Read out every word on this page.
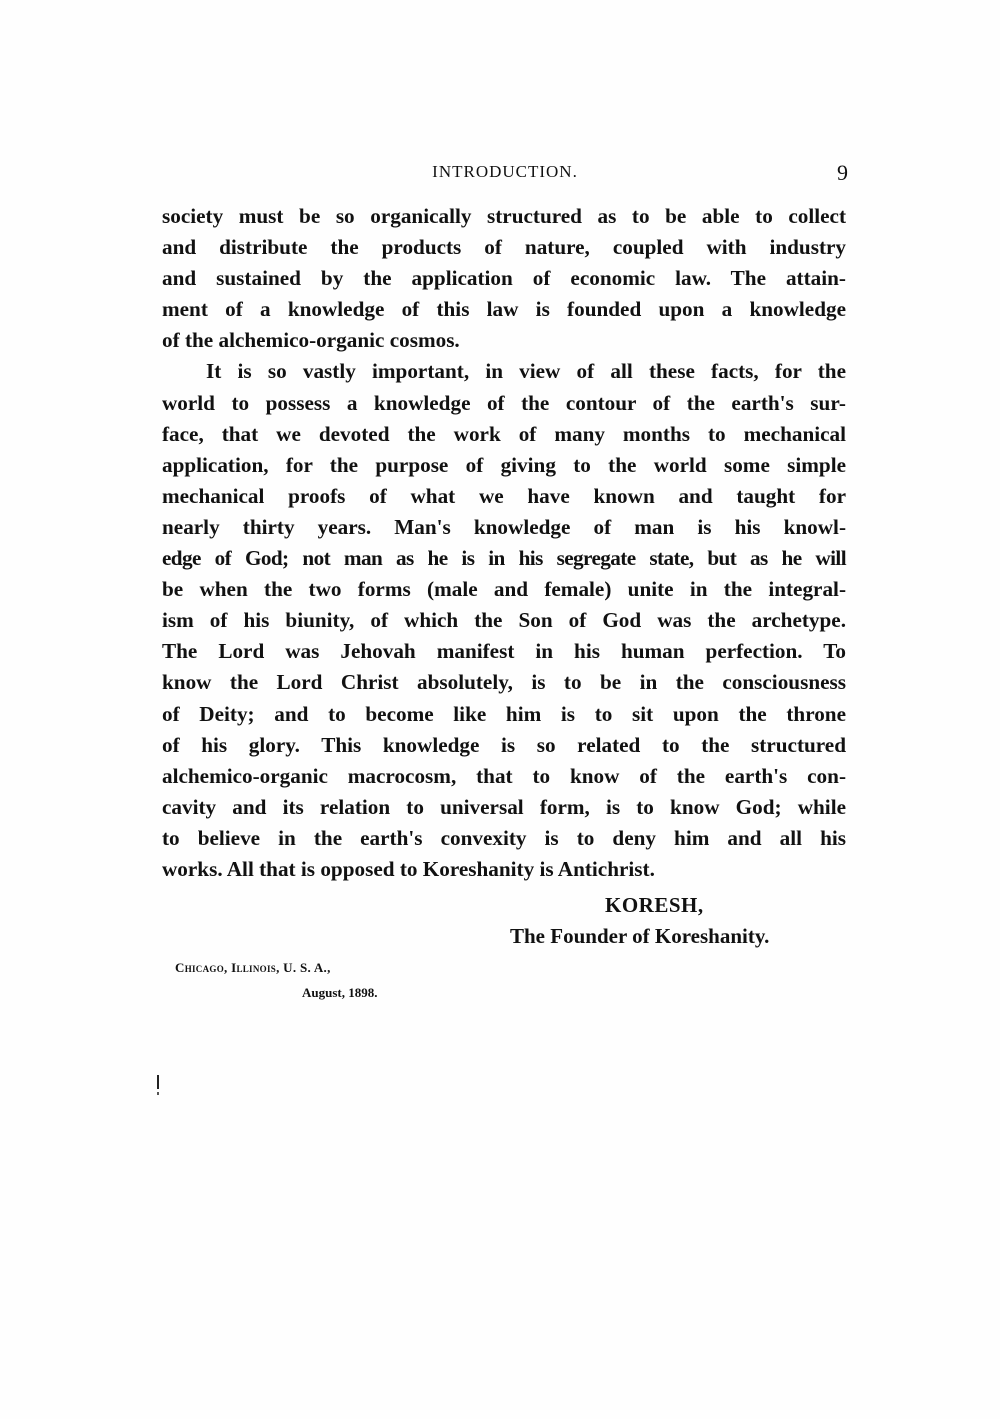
INTRODUCTION.	9
society must be so organically structured as to be able to collect
and distribute the products of nature, coupled with industry
and sustained by the application of economic law. The attain-
ment of a knowledge of this law is founded upon a knowledge
of the alchemico-organic cosmos.
It is so vastly important, in view of all these facts, for the
world to possess a knowledge of the contour of the earth's sur-
face, that we devoted the work of many months to mechanical
application, for the purpose of giving to the world some simple
mechanical proofs of what we have known and taught for
nearly thirty years. Man's knowledge of man is his knowl-
edge of God; not man as he is in his segregate state, but as he will
be when the two forms (male and female) unite in the integral-
ism of his biunity, of which the Son of God was the archetype.
The Lord was Jehovah manifest in his human perfection. To
know the Lord Christ absolutely, is to be in the consciousness
of Deity; and to become like him is to sit upon the throne
of his glory. This knowledge is so related to the structured
alchemico-organic macrocosm, that to know of the earth's con-
cavity and its relation to universal form, is to know God; while
to believe in the earth's convexity is to deny him and all his
works. All that is opposed to Koreshanity is Antichrist.
KORESH,
The Founder of Koreshanity.
Chicago, Illinois, U. S. A.,
August, 1898.
